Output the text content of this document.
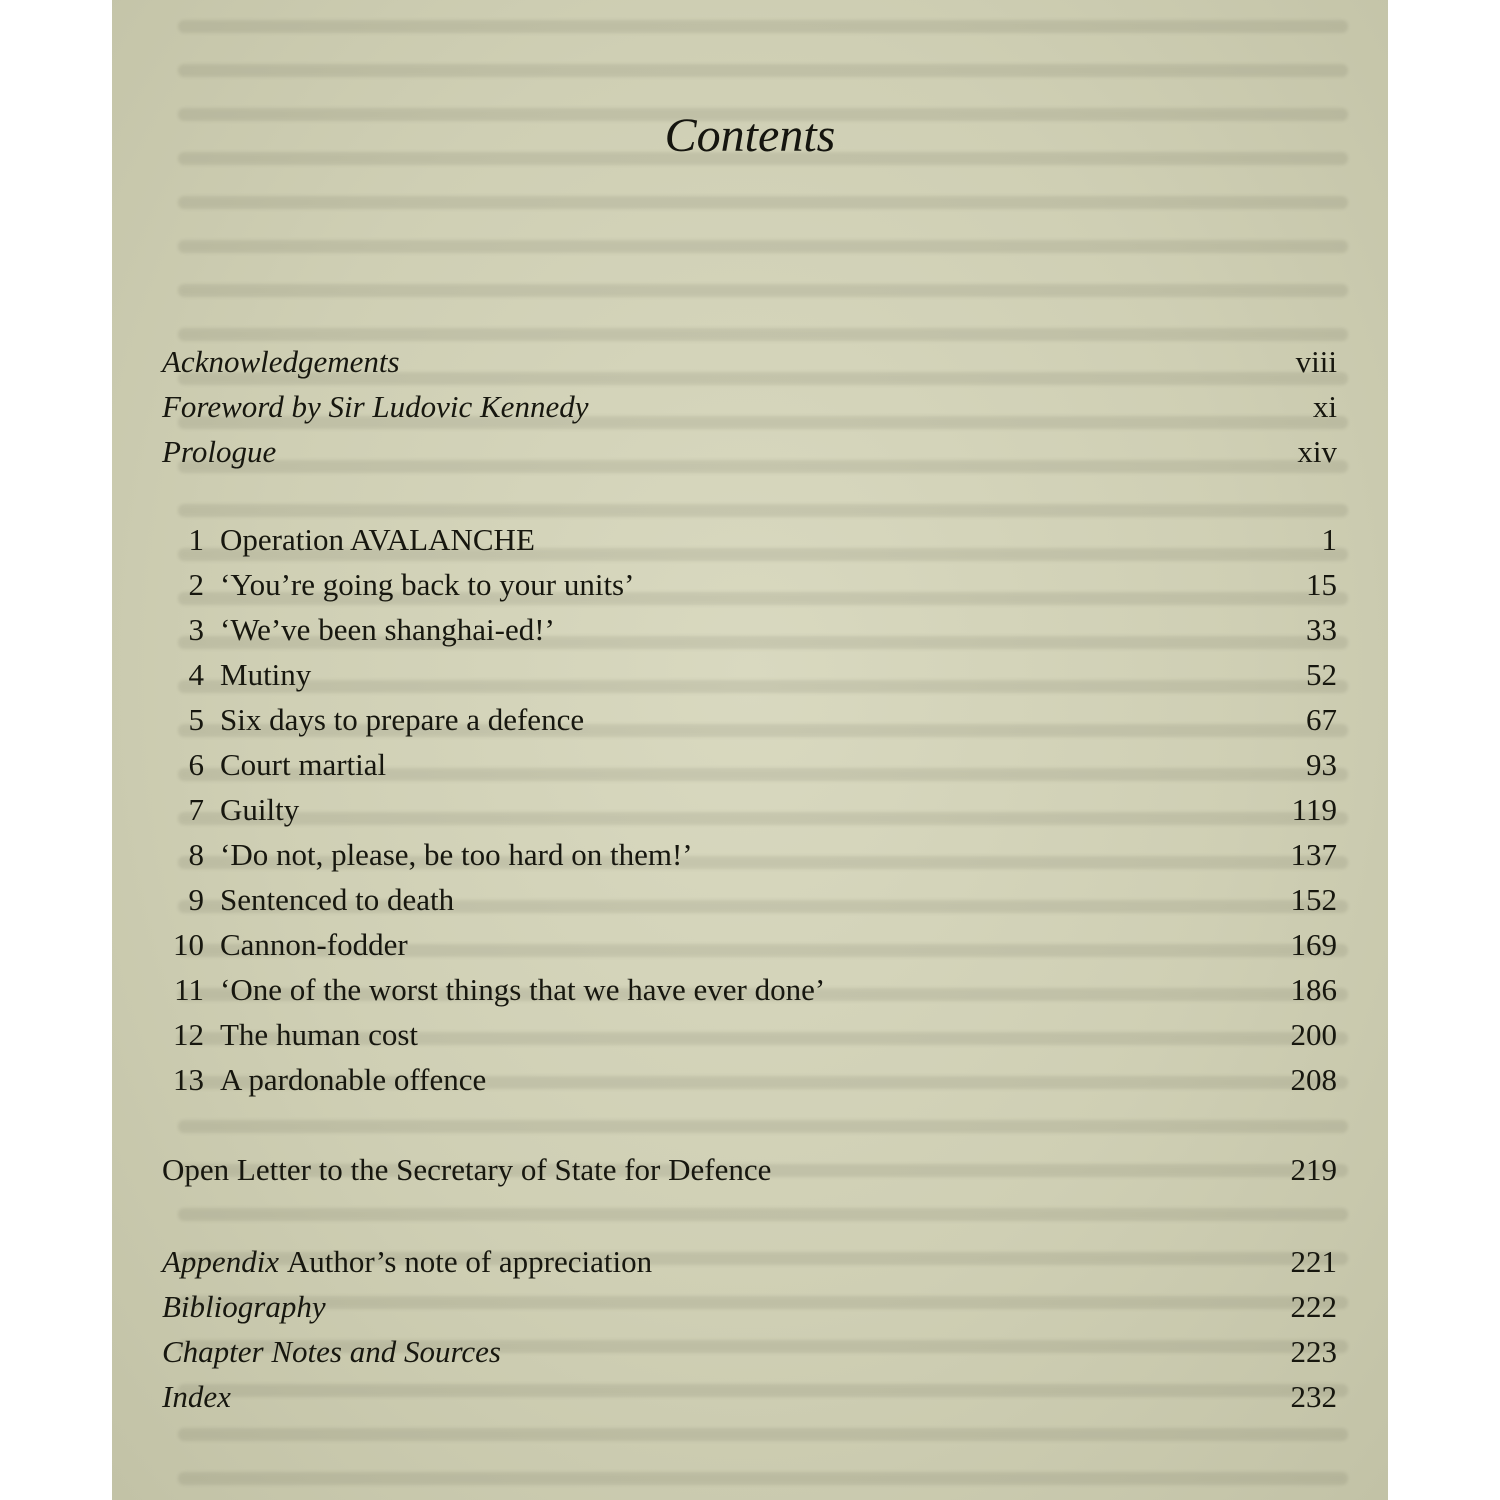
Contents
Acknowledgements	viii
Foreword by Sir Ludovic Kennedy	xi
Prologue	xiv
1 Operation AVALANCHE	1
2 ‘You’re going back to your units’	15
3 ‘We’ve been shanghai-ed!’	33
4 Mutiny	52
5 Six days to prepare a defence	67
6 Court martial	93
7 Guilty	119
8 ‘Do not, please, be too hard on them!’	137
9 Sentenced to death	152
10 Cannon-fodder	169
11 ‘One of the worst things that we have ever done’	186
12 The human cost	200
13 A pardonable offence	208
Open Letter to the Secretary of State for Defence	219
Appendix Author’s note of appreciation	221
Bibliography	222
Chapter Notes and Sources	223
Index	232
